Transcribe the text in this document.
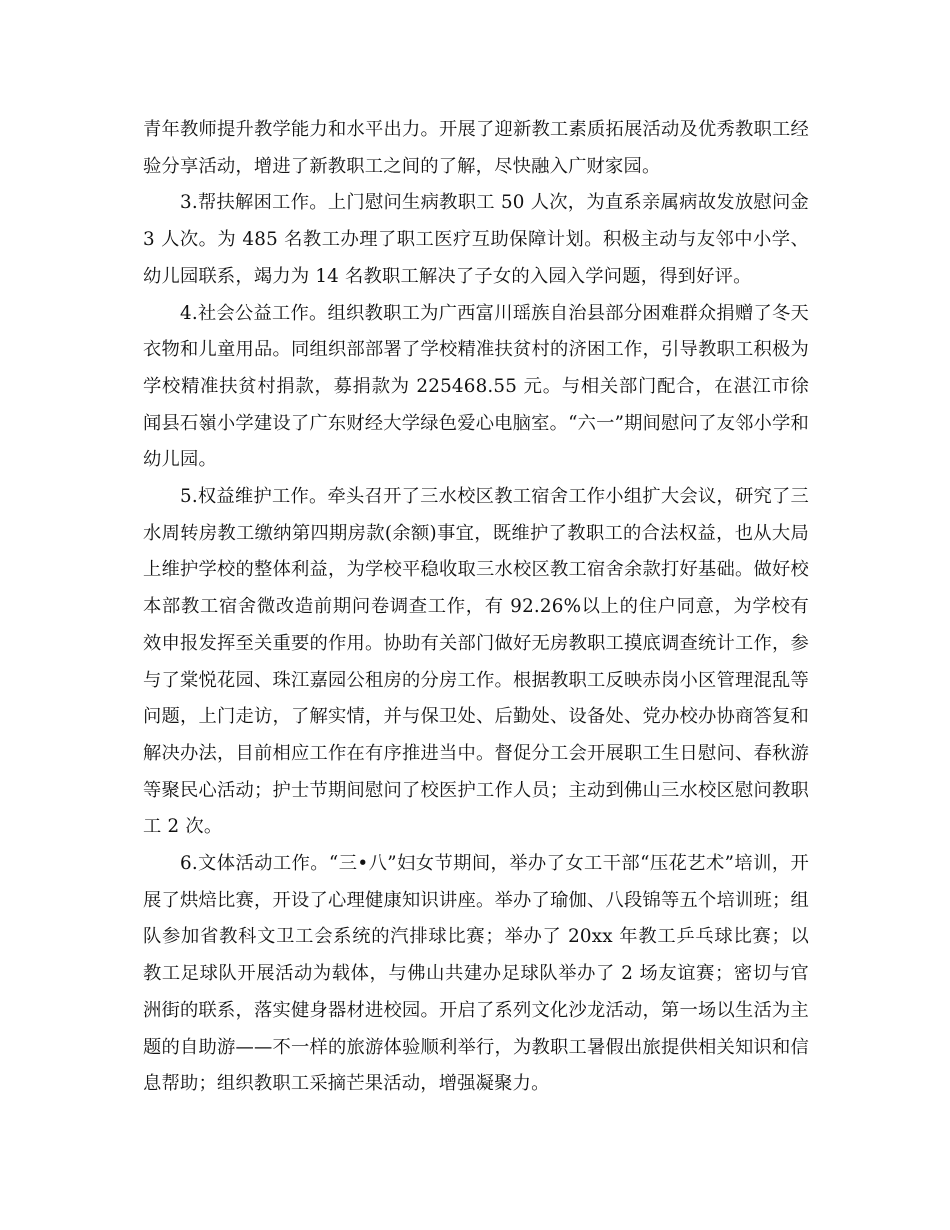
青年教师提升教学能力和水平出力。开展了迎新教工素质拓展活动及优秀教职工经验分享活动，增进了新教职工之间的了解，尽快融入广财家园。

3.帮扶解困工作。上门慰问生病教职工 50 人次，为直系亲属病故发放慰问金 3 人次。为 485 名教工办理了职工医疗互助保障计划。积极主动与友邻中小学、幼儿园联系，竭力为 14 名教职工解决了子女的入园入学问题，得到好评。

4.社会公益工作。组织教职工为广西富川瑶族自治县部分困难群众捐赠了冬天衣物和儿童用品。同组织部部署了学校精准扶贫村的济困工作，引导教职工积极为学校精准扶贫村捐款，募捐款为 225468.55 元。与相关部门配合，在湛江市徐闻县石嶺小学建设了广东财经大学绿色爱心电脑室。“六一”期间慰问了友邻小学和幼儿园。

5.权益维护工作。牵头召开了三水校区教工宿舍工作小组扩大会议，研究了三水周转房教工缴纳第四期房款(余额)事宜，既维护了教职工的合法权益，也从大局上维护学校的整体利益，为学校平稳收取三水校区教工宿舍余款打好基础。做好校本部教工宿舍微改造前期问卷调查工作，有 92.26%以上的住户同意，为学校有效申报发挥至关重要的作用。协助有关部门做好无房教职工摸底调查统计工作，参与了棠悦花园、珠江嘉园公租房的分房工作。根据教职工反映赤岗小区管理混乱等问题，上门走访，了解实情，并与保卫处、后勤处、设备处、党办校办协商答复和解决办法，目前相应工作在有序推进当中。督促分工会开展职工生日慰问、春秋游等聚民心活动；护士节期间慰问了校医护工作人员；主动到佛山三水校区慰问教职工 2 次。

6.文体活动工作。“三•八”妇女节期间，举办了女工干部“压花艺术”培训，开展了烘焙比赛，开设了心理健康知识讲座。举办了瑜伽、八段锦等五个培训班；组队参加省教科文卫工会系统的汽排球比赛；举办了 20xx 年教工乒乓球比赛；以教工足球队开展活动为载体，与佛山共建办足球队举办了 2 场友谊赛；密切与官洲街的联系，落实健身器材进校园。开启了系列文化沙龙活动，第一场以生活为主题的自助游——不一样的旅游体验顺利举行，为教职工暑假出旅提供相关知识和信息帮助；组织教职工采摘芒果活动，增强凝聚力。
